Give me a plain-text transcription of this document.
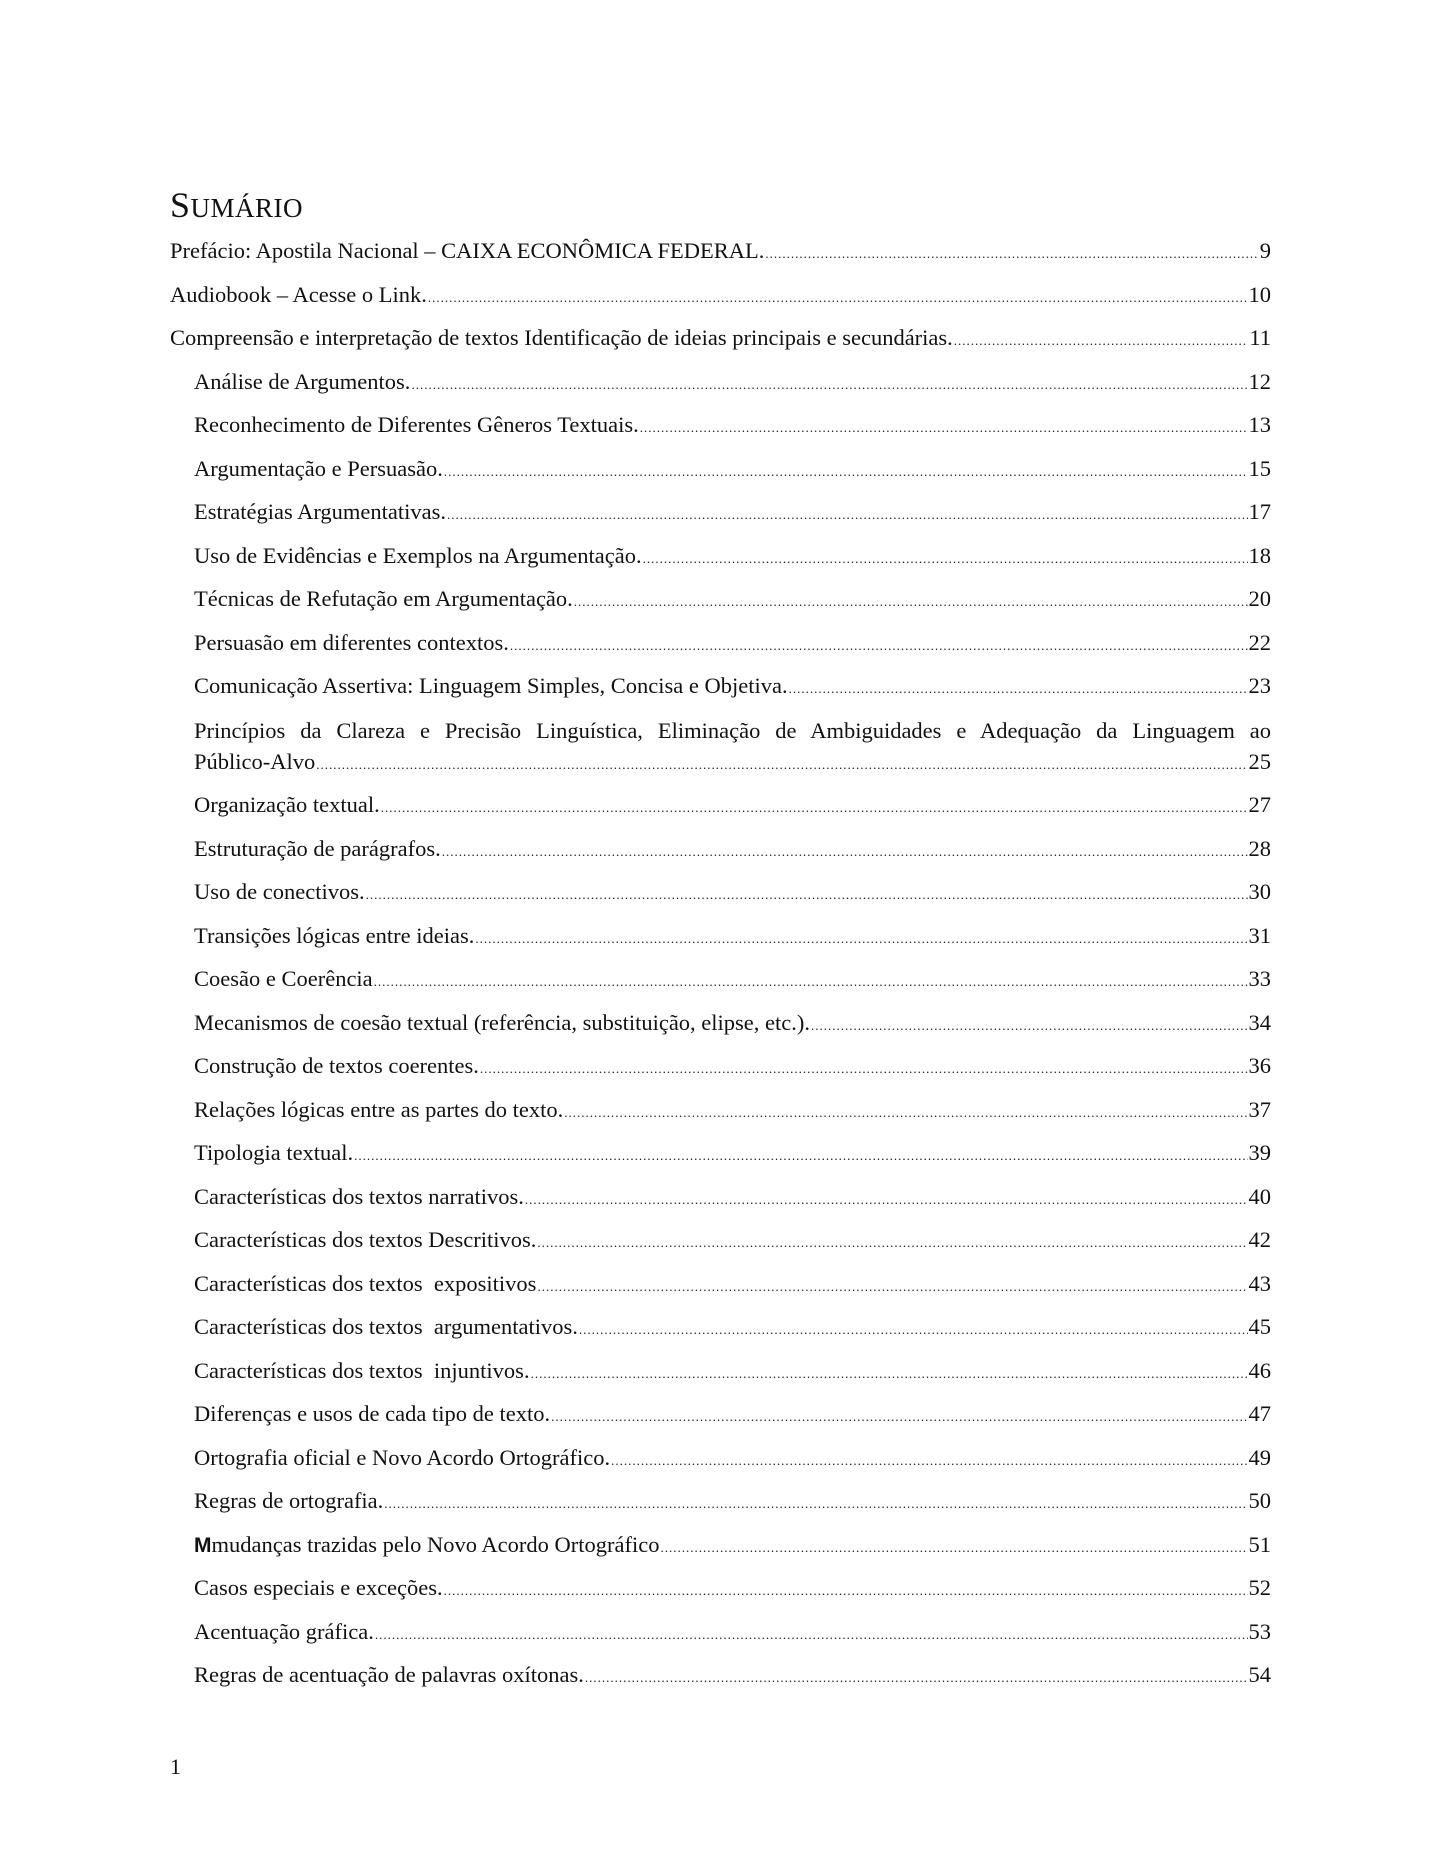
SUMÁRIO
Prefácio: Apostila Nacional – CAIXA ECONÔMICA FEDERAL. .....	9
Audiobook – Acesse o Link. .....	10
Compreensão e interpretação de textos Identificação de ideias principais e secundárias. .....	11
Análise de Argumentos. .....	12
Reconhecimento de Diferentes Gêneros Textuais. .....	13
Argumentação e Persuasão. .....	15
Estratégias Argumentativas. .....	17
Uso de Evidências e Exemplos na Argumentação. .....	18
Técnicas de Refutação em Argumentação. .....	20
Persuasão em diferentes contextos. .....	22
Comunicação Assertiva: Linguagem Simples, Concisa e Objetiva. .....	23
Princípios da Clareza e Precisão Linguística, Eliminação de Ambiguidades e Adequação da Linguagem ao
Público-Alvo .....	25
Organização textual. .....	27
Estruturação de parágrafos. .....	28
Uso de conectivos. .....	30
Transições lógicas entre ideias. .....	31
Coesão e Coerência .....	33
Mecanismos de coesão textual (referência, substituição, elipse, etc.). .....	34
Construção de textos coerentes. .....	36
Relações lógicas entre as partes do texto. .....	37
Tipologia textual. .....	39
Características dos textos narrativos. .....	40
Características dos textos Descritivos. .....	42
Características dos textos  expositivos .....	43
Características dos textos  argumentativos. .....	45
Características dos textos  injuntivos. .....	46
Diferenças e usos de cada tipo de texto. .....	47
Ortografia oficial e Novo Acordo Ortográfico. .....	49
Regras de ortografia. .....	50
Mmudanças trazidas pelo Novo Acordo Ortográfico .....	51
Casos especiais e exceções. .....	52
Acentuação gráfica. .....	53
Regras de acentuação de palavras oxítonas. .....	54
1
